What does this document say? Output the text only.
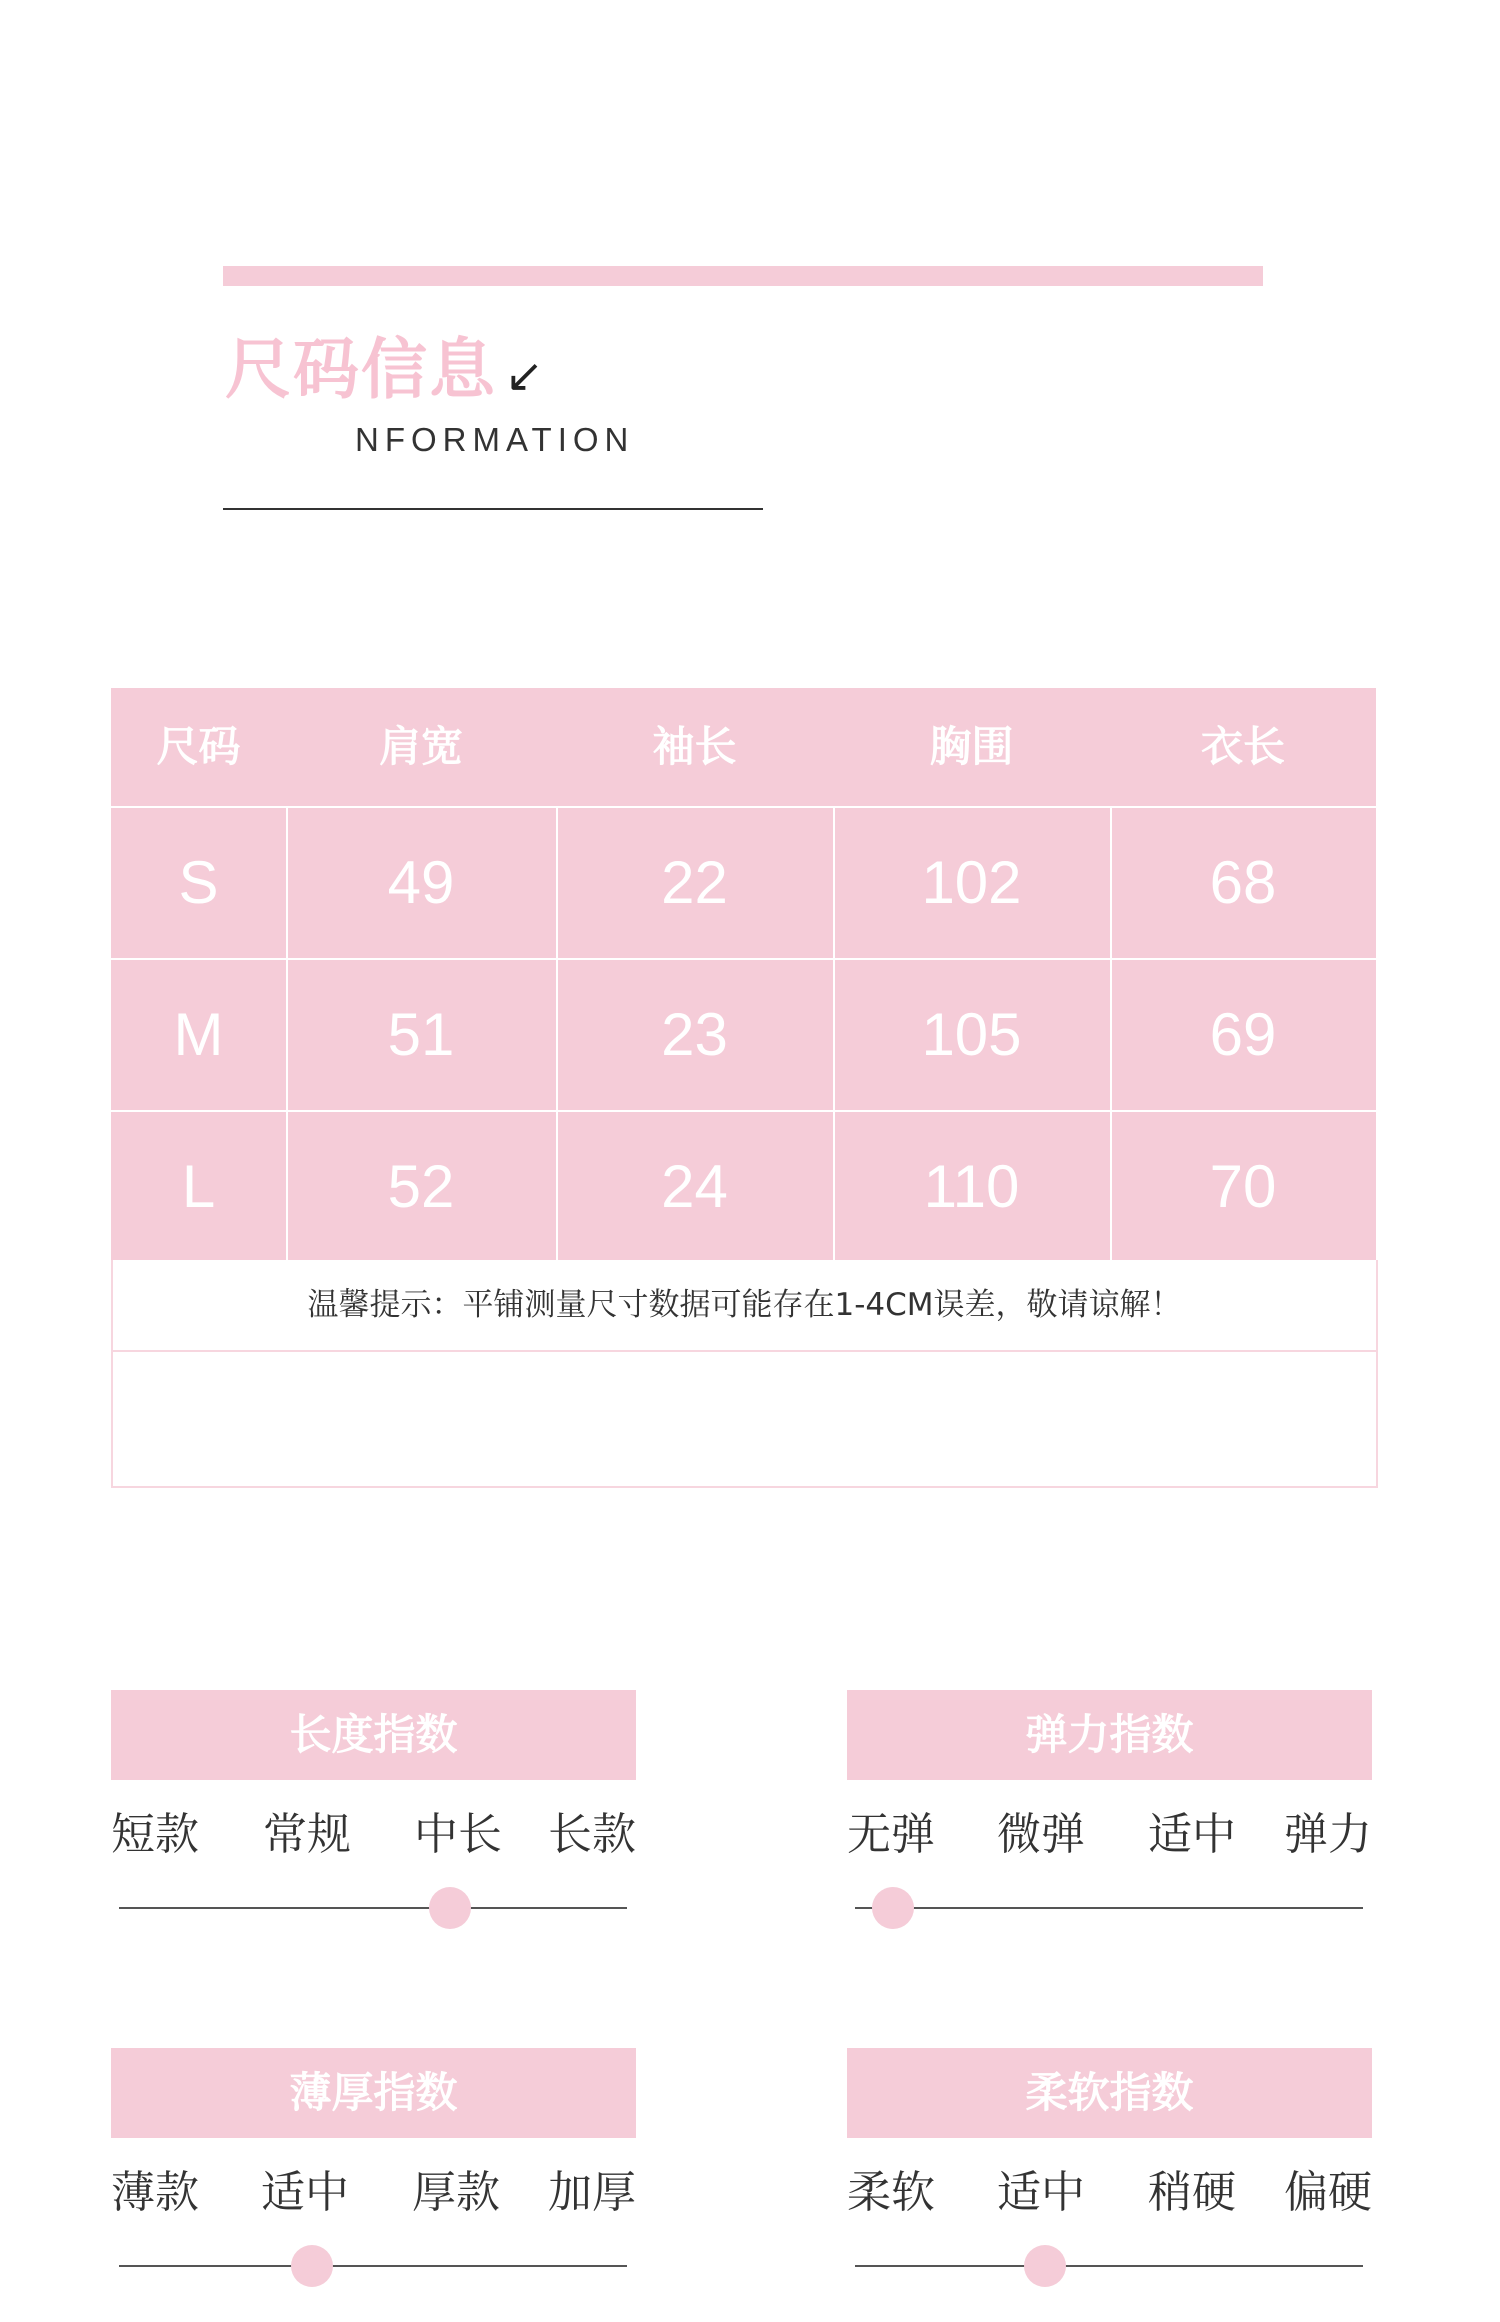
尺码信息 ↙
NFORMATION
尺码	肩宽	袖长	胸围	衣长
S	49	22	102	68
M	51	23	105	69
L	52	24	110	70
温馨提示：平铺测量尺寸数据可能存在1-4CM误差，敬请谅解！
长度指数
短款 常规 中长 长款
弹力指数
无弹 微弹 适中 弹力
薄厚指数
薄款 适中 厚款 加厚
柔软指数
柔软 适中 稍硬 偏硬
